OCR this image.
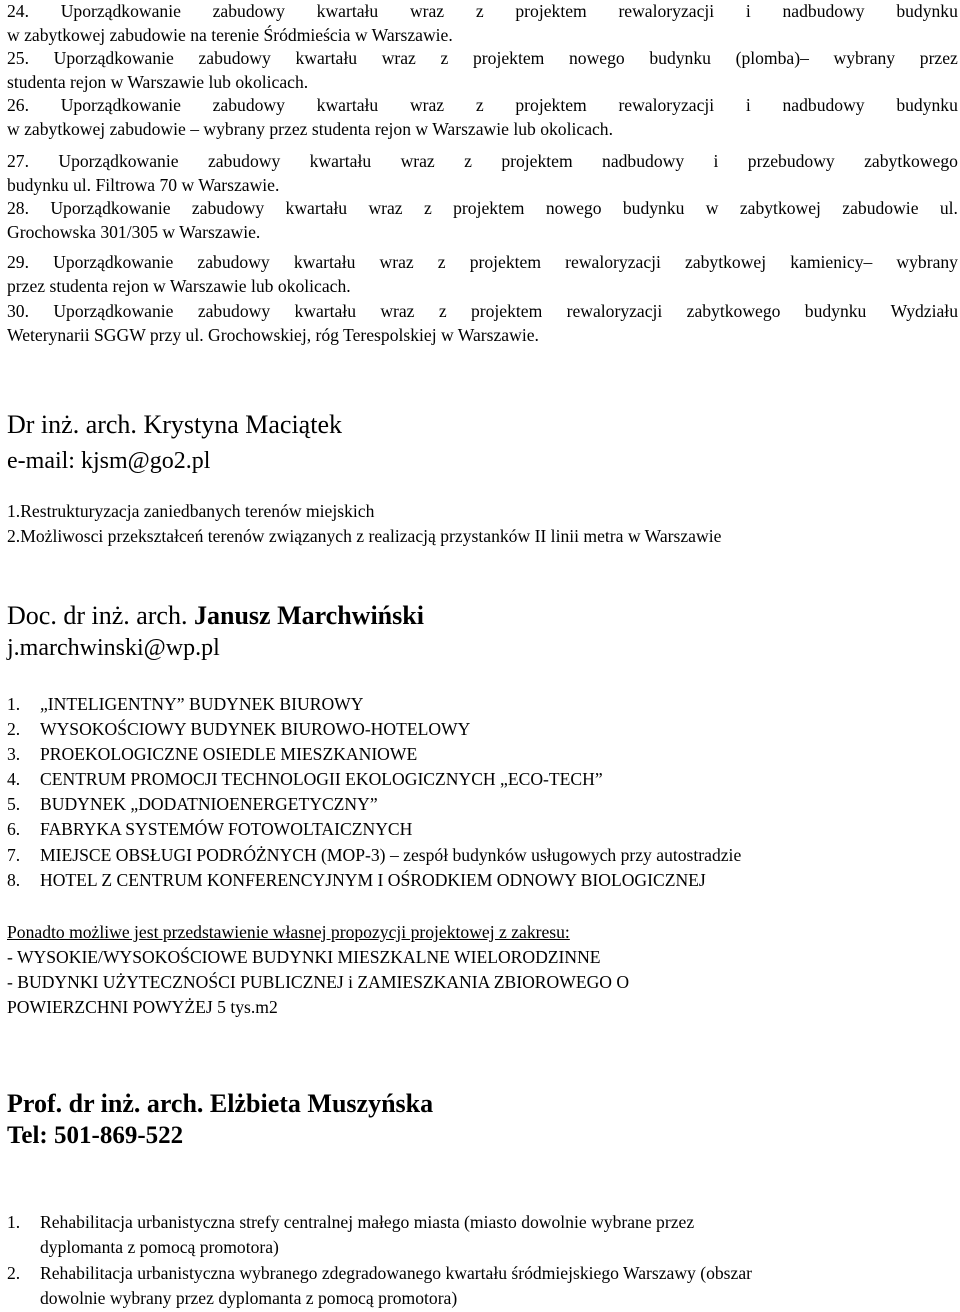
24. Uporządkowanie zabudowy kwartału wraz z projektem rewaloryzacji i nadbudowy budynku
w zabytkowej zabudowie na terenie Śródmieścia w Warszawie.
25. Uporządkowanie zabudowy kwartału wraz z projektem nowego budynku (plomba)– wybrany przez
studenta rejon w Warszawie lub okolicach.
26. Uporządkowanie zabudowy kwartału wraz z projektem rewaloryzacji i nadbudowy budynku
w zabytkowej zabudowie – wybrany przez studenta rejon w Warszawie lub okolicach.
27. Uporządkowanie zabudowy kwartału wraz z projektem nadbudowy i przebudowy zabytkowego
budynku ul. Filtrowa 70 w Warszawie.
28. Uporządkowanie zabudowy kwartału wraz z projektem nowego budynku w zabytkowej zabudowie ul.
Grochowska 301/305 w Warszawie.
29. Uporządkowanie zabudowy kwartału wraz z projektem rewaloryzacji zabytkowej kamienicy– wybrany
przez studenta rejon w Warszawie lub okolicach.
30. Uporządkowanie zabudowy kwartału wraz z projektem rewaloryzacji zabytkowego budynku Wydziału
Weterynarii SGGW przy ul. Grochowskiej, róg Terespolskiej w Warszawie.
Dr inż. arch. Krystyna Maciątek
e-mail: kjsm@go2.pl
1.Restrukturyzacja zaniedbanych terenów miejskich
2.Możliwosci przekształceń terenów związanych z realizacją przystanków II linii metra w Warszawie
Doc. dr inż. arch. Janusz Marchwiński
j.marchwinski@wp.pl
1. „INTELIGENTNY” BUDYNEK BIUROWY
2. WYSOKOŚCIOWY BUDYNEK BIUROWO-HOTELOWY
3. PROEKOLOGICZNE OSIEDLE MIESZKANIOWE
4. CENTRUM PROMOCJI TECHNOLOGII EKOLOGICZNYCH „ECO-TECH”
5. BUDYNEK „DODATNIOENERGETYCZNY”
6. FABRYKA SYSTEMÓW FOTOWOLTAICZNYCH
7. MIEJSCE OBSŁUGI PODRÓŻNYCH (MOP-3) – zespół budynków usługowych przy autostradzie
8. HOTEL Z CENTRUM KONFERENCYJNYM I OŚRODKIEM ODNOWY BIOLOGICZNEJ
Ponadto możliwe jest przedstawienie własnej propozycji projektowej z zakresu:
- WYSOKIE/WYSOKOŚCIOWE BUDYNKI MIESZKALNE WIELORODZINNE
- BUDYNKI UŻYTECZNOŚCI PUBLICZNEJ i ZAMIESZKANIA ZBIOROWEGO O
POWIERZCHNI POWYŻEJ 5 tys.m2
Prof. dr inż. arch. Elżbieta Muszyńska
Tel: 501-869-522
1.	Rehabilitacja urbanistyczna strefy centralnej małego miasta (miasto dowolnie wybrane przez
dyplomanta z pomocą promotora)
2.	Rehabilitacja urbanistyczna wybranego zdegradowanego kwartału śródmiejskiego Warszawy (obszar
dowolnie wybrany przez dyplomanta z pomocą promotora)
